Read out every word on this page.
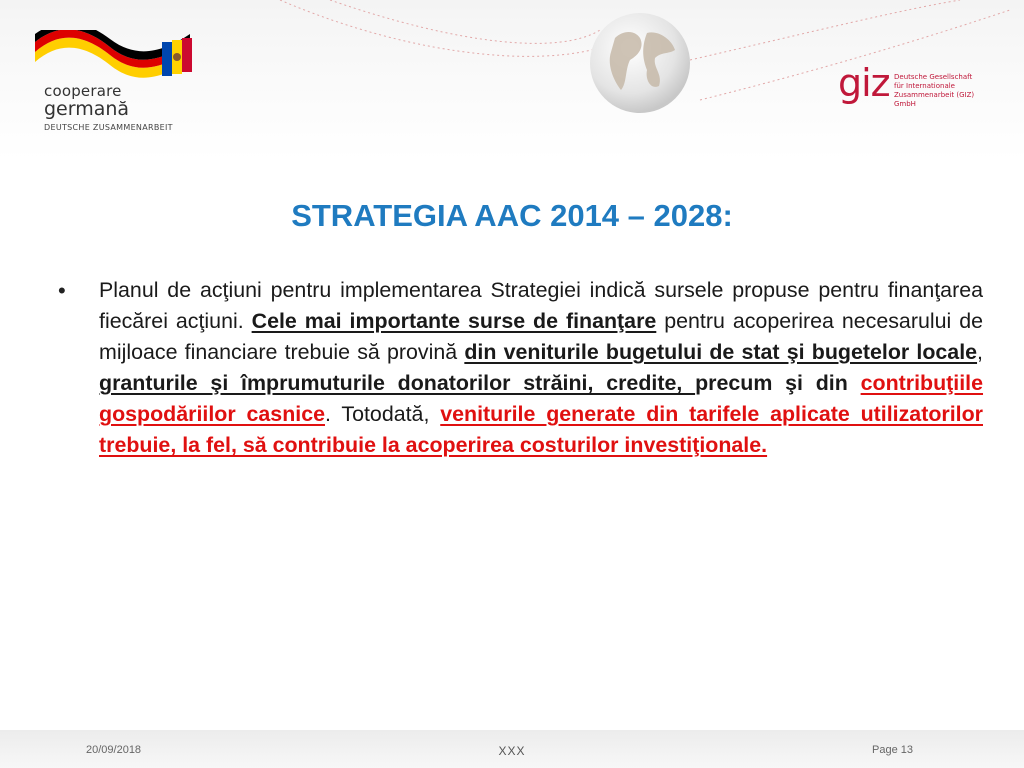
cooperare
germană
DEUTSCHE ZUSAMMENARBEIT
giz Deutsche Gesellschaft
für Internationale
Zusammenarbeit (GIZ) GmbH
STRATEGIA AAC 2014 – 2028:
• Planul de acţiuni pentru implementarea Strategiei indică sursele propuse pentru finanţarea fiecărei acţiuni. Cele mai importante surse de finanţare pentru acoperirea necesarului de mijloace financiare trebuie să provină din veniturile bugetului de stat şi bugetelor locale, granturile şi împrumuturile donatorilor străini, credite, precum şi din contribuţiile gospodăriilor casnice. Totodată, veniturile generate din tarifele aplicate utilizatorilor trebuie, la fel, să contribuie la acoperirea costurilor investiţionale.
20/09/2018	XXX	Page 13
